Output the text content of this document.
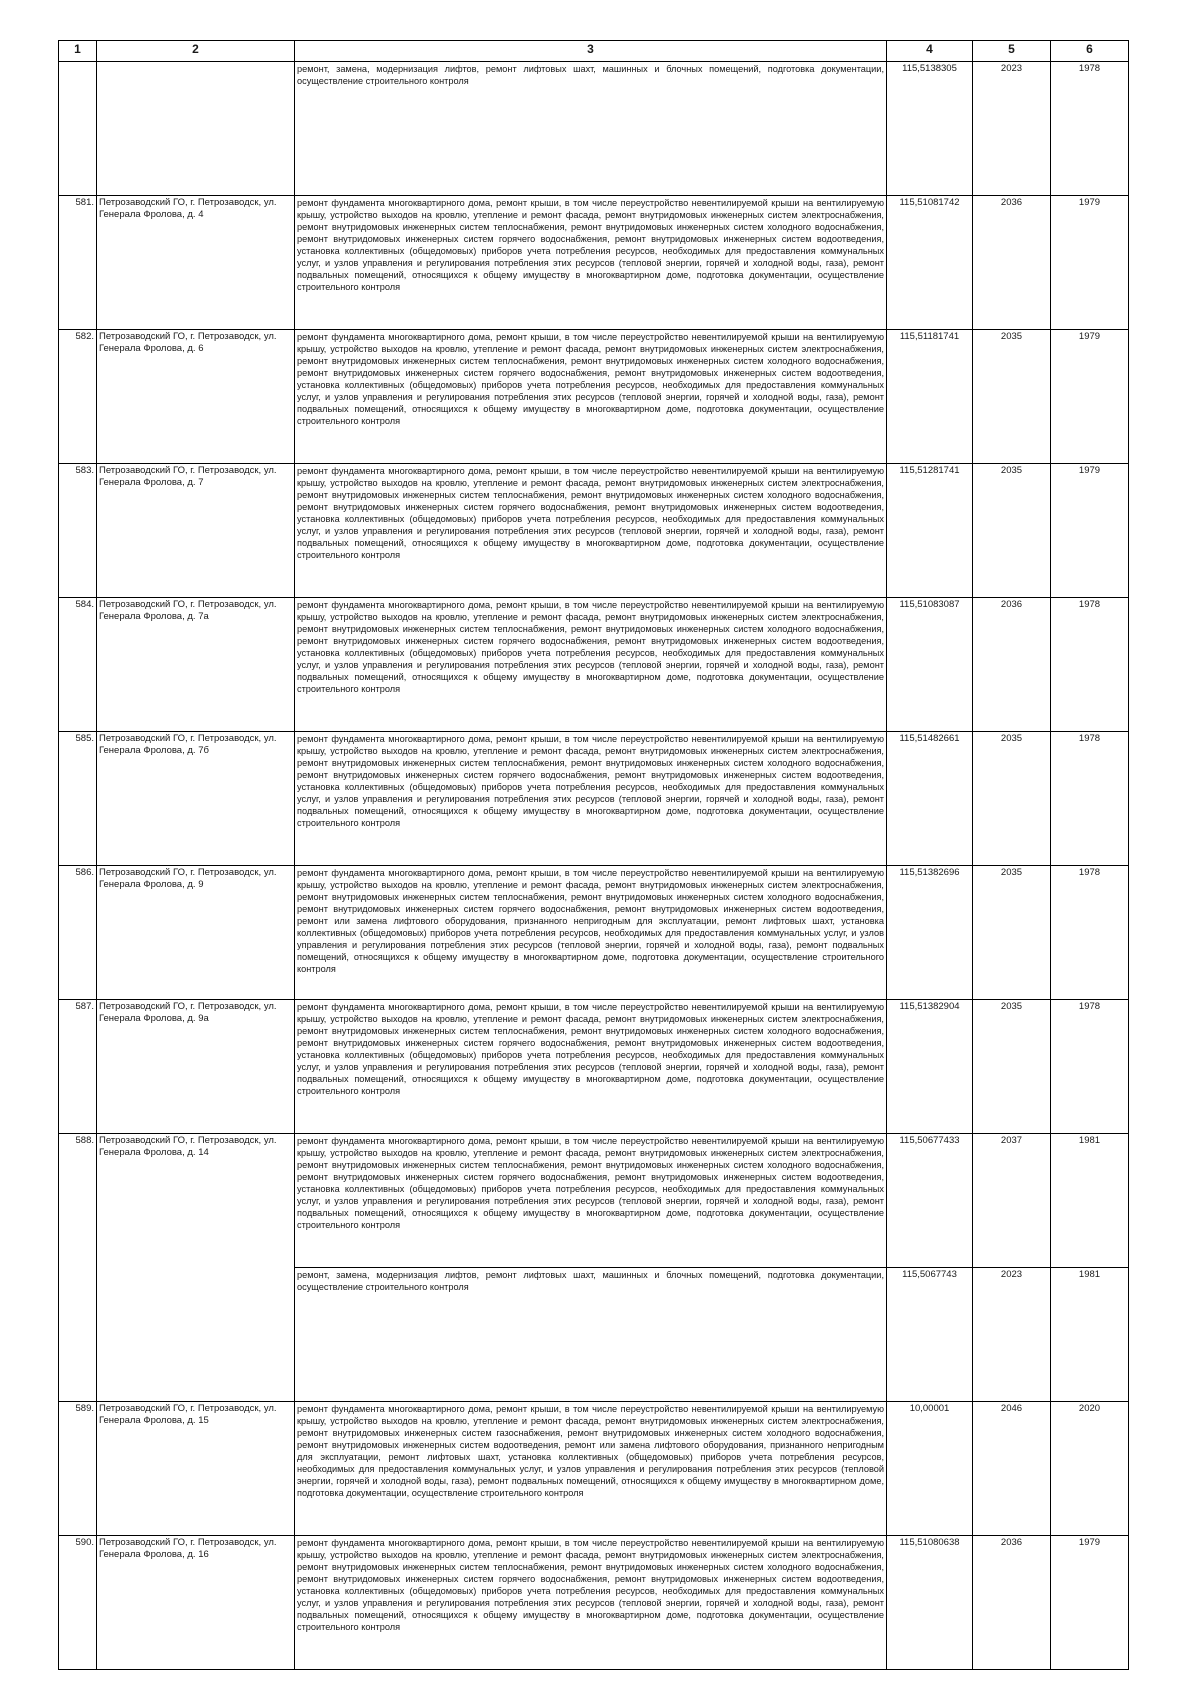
1	2	3	4	5	6
		ремонт, замена, модернизация лифтов, ремонт лифтовых шахт, машинных и блочных помещений, подготовка документации, осуществление строительного контроля	115,5138305	2023	1978
581.	Петрозаводский ГО, г. Петрозаводск, ул. Генерала Фролова, д. 4	ремонт фундамента многоквартирного дома, ремонт крыши, в том числе переустройство невентилируемой крыши на вентилируемую крышу, устройство выходов на кровлю, утепление и ремонт фасада, ремонт внутридомовых инженерных систем электроснабжения, ремонт внутридомовых инженерных систем теплоснабжения, ремонт внутридомовых инженерных систем холодного водоснабжения, ремонт внутридомовых инженерных систем горячего водоснабжения, ремонт внутридомовых инженерных систем водоотведения, установка коллективных (общедомовых) приборов учета потребления ресурсов, необходимых для предоставления коммунальных услуг, и узлов управления и регулирования потребления этих ресурсов (тепловой энергии, горячей и холодной воды, газа), ремонт подвальных помещений, относящихся к общему имуществу в многоквартирном доме, подготовка документации, осуществление строительного контроля	115,51081742	2036	1979
582.	Петрозаводский ГО, г. Петрозаводск, ул. Генерала Фролова, д. 6	ремонт фундамента многоквартирного дома, ремонт крыши, в том числе переустройство невентилируемой крыши на вентилируемую крышу, устройство выходов на кровлю, утепление и ремонт фасада, ремонт внутридомовых инженерных систем электроснабжения, ремонт внутридомовых инженерных систем теплоснабжения, ремонт внутридомовых инженерных систем холодного водоснабжения, ремонт внутридомовых инженерных систем горячего водоснабжения, ремонт внутридомовых инженерных систем водоотведения, установка коллективных (общедомовых) приборов учета потребления ресурсов, необходимых для предоставления коммунальных услуг, и узлов управления и регулирования потребления этих ресурсов (тепловой энергии, горячей и холодной воды, газа), ремонт подвальных помещений, относящихся к общему имуществу в многоквартирном доме, подготовка документации, осуществление строительного контроля	115,51181741	2035	1979
583.	Петрозаводский ГО, г. Петрозаводск, ул. Генерала Фролова, д. 7	ремонт фундамента многоквартирного дома, ремонт крыши, в том числе переустройство невентилируемой крыши на вентилируемую крышу, устройство выходов на кровлю, утепление и ремонт фасада, ремонт внутридомовых инженерных систем электроснабжения, ремонт внутридомовых инженерных систем теплоснабжения, ремонт внутридомовых инженерных систем холодного водоснабжения, ремонт внутридомовых инженерных систем горячего водоснабжения, ремонт внутридомовых инженерных систем водоотведения, установка коллективных (общедомовых) приборов учета потребления ресурсов, необходимых для предоставления коммунальных услуг, и узлов управления и регулирования потребления этих ресурсов (тепловой энергии, горячей и холодной воды, газа), ремонт подвальных помещений, относящихся к общему имуществу в многоквартирном доме, подготовка документации, осуществление строительного контроля	115,51281741	2035	1979
584.	Петрозаводский ГО, г. Петрозаводск, ул. Генерала Фролова, д. 7а	ремонт фундамента многоквартирного дома, ремонт крыши, в том числе переустройство невентилируемой крыши на вентилируемую крышу, устройство выходов на кровлю, утепление и ремонт фасада, ремонт внутридомовых инженерных систем электроснабжения, ремонт внутридомовых инженерных систем теплоснабжения, ремонт внутридомовых инженерных систем холодного водоснабжения, ремонт внутридомовых инженерных систем горячего водоснабжения, ремонт внутридомовых инженерных систем водоотведения, установка коллективных (общедомовых) приборов учета потребления ресурсов, необходимых для предоставления коммунальных услуг, и узлов управления и регулирования потребления этих ресурсов (тепловой энергии, горячей и холодной воды, газа), ремонт подвальных помещений, относящихся к общему имуществу в многоквартирном доме, подготовка документации, осуществление строительного контроля	115,51083087	2036	1978
585.	Петрозаводский ГО, г. Петрозаводск, ул. Генерала Фролова, д. 7б	ремонт фундамента многоквартирного дома, ремонт крыши, в том числе переустройство невентилируемой крыши на вентилируемую крышу, устройство выходов на кровлю, утепление и ремонт фасада, ремонт внутридомовых инженерных систем электроснабжения, ремонт внутридомовых инженерных систем теплоснабжения, ремонт внутридомовых инженерных систем холодного водоснабжения, ремонт внутридомовых инженерных систем горячего водоснабжения, ремонт внутридомовых инженерных систем водоотведения, установка коллективных (общедомовых) приборов учета потребления ресурсов, необходимых для предоставления коммунальных услуг, и узлов управления и регулирования потребления этих ресурсов (тепловой энергии, горячей и холодной воды, газа), ремонт подвальных помещений, относящихся к общему имуществу в многоквартирном доме, подготовка документации, осуществление строительного контроля	115,51482661	2035	1978
586.	Петрозаводский ГО, г. Петрозаводск, ул. Генерала Фролова, д. 9	ремонт фундамента многоквартирного дома, ремонт крыши, в том числе переустройство невентилируемой крыши на вентилируемую крышу, устройство выходов на кровлю, утепление и ремонт фасада, ремонт внутридомовых инженерных систем электроснабжения, ремонт внутридомовых инженерных систем теплоснабжения, ремонт внутридомовых инженерных систем холодного водоснабжения, ремонт внутридомовых инженерных систем горячего водоснабжения, ремонт внутридомовых инженерных систем водоотведения, ремонт или замена лифтового оборудования, признанного непригодным для эксплуатации, ремонт лифтовых шахт, установка коллективных (общедомовых) приборов учета потребления ресурсов, необходимых для предоставления коммунальных услуг, и узлов управления и регулирования потребления этих ресурсов (тепловой энергии, горячей и холодной воды, газа), ремонт подвальных помещений, относящихся к общему имуществу в многоквартирном доме, подготовка документации, осуществление строительного контроля	115,51382696	2035	1978
587.	Петрозаводский ГО, г. Петрозаводск, ул. Генерала Фролова, д. 9а	ремонт фундамента многоквартирного дома, ремонт крыши, в том числе переустройство невентилируемой крыши на вентилируемую крышу, устройство выходов на кровлю, утепление и ремонт фасада, ремонт внутридомовых инженерных систем электроснабжения, ремонт внутридомовых инженерных систем теплоснабжения, ремонт внутридомовых инженерных систем холодного водоснабжения, ремонт внутридомовых инженерных систем горячего водоснабжения, ремонт внутридомовых инженерных систем водоотведения, установка коллективных (общедомовых) приборов учета потребления ресурсов, необходимых для предоставления коммунальных услуг, и узлов управления и регулирования потребления этих ресурсов (тепловой энергии, горячей и холодной воды, газа), ремонт подвальных помещений, относящихся к общему имуществу в многоквартирном доме, подготовка документации, осуществление строительного контроля	115,51382904	2035	1978
588.	Петрозаводский ГО, г. Петрозаводск, ул. Генерала Фролова, д. 14	ремонт фундамента многоквартирного дома, ремонт крыши, в том числе переустройство невентилируемой крыши на вентилируемую крышу, устройство выходов на кровлю, утепление и ремонт фасада, ремонт внутридомовых инженерных систем электроснабжения, ремонт внутридомовых инженерных систем теплоснабжения, ремонт внутридомовых инженерных систем холодного водоснабжения, ремонт внутридомовых инженерных систем горячего водоснабжения, ремонт внутридомовых инженерных систем водоотведения, установка коллективных (общедомовых) приборов учета потребления ресурсов, необходимых для предоставления коммунальных услуг, и узлов управления и регулирования потребления этих ресурсов (тепловой энергии, горячей и холодной воды, газа), ремонт подвальных помещений, относящихся к общему имуществу в многоквартирном доме, подготовка документации, осуществление строительного контроля	115,50677433	2037	1981
		ремонт, замена, модернизация лифтов, ремонт лифтовых шахт, машинных и блочных помещений, подготовка документации, осуществление строительного контроля	115,5067743	2023	1981
589.	Петрозаводский ГО, г. Петрозаводск, ул. Генерала Фролова, д. 15	ремонт фундамента многоквартирного дома, ремонт крыши, в том числе переустройство невентилируемой крыши на вентилируемую крышу, устройство выходов на кровлю, утепление и ремонт фасада, ремонт внутридомовых инженерных систем электроснабжения, ремонт внутридомовых инженерных систем газоснабжения, ремонт внутридомовых инженерных систем холодного водоснабжения, ремонт внутридомовых инженерных систем водоотведения, ремонт или замена лифтового оборудования, признанного непригодным для эксплуатации, ремонт лифтовых шахт, установка коллективных (общедомовых) приборов учета потребления ресурсов, необходимых для предоставления коммунальных услуг, и узлов управления и регулирования потребления этих ресурсов (тепловой энергии, горячей и холодной воды, газа), ремонт подвальных помещений, относящихся к общему имуществу в многоквартирном доме, подготовка документации, осуществление строительного контроля	10,00001	2046	2020
590.	Петрозаводский ГО, г. Петрозаводск, ул. Генерала Фролова, д. 16	ремонт фундамента многоквартирного дома, ремонт крыши, в том числе переустройство невентилируемой крыши на вентилируемую крышу, устройство выходов на кровлю, утепление и ремонт фасада, ремонт внутридомовых инженерных систем электроснабжения, ремонт внутридомовых инженерных систем теплоснабжения, ремонт внутридомовых инженерных систем холодного водоснабжения, ремонт внутридомовых инженерных систем горячего водоснабжения, ремонт внутридомовых инженерных систем водоотведения, установка коллективных (общедомовых) приборов учета потребления ресурсов, необходимых для предоставления коммунальных услуг, и узлов управления и регулирования потребления этих ресурсов (тепловой энергии, горячей и холодной воды, газа), ремонт подвальных помещений, относящихся к общему имуществу в многоквартирном доме, подготовка документации, осуществление строительного контроля	115,51080638	2036	1979
